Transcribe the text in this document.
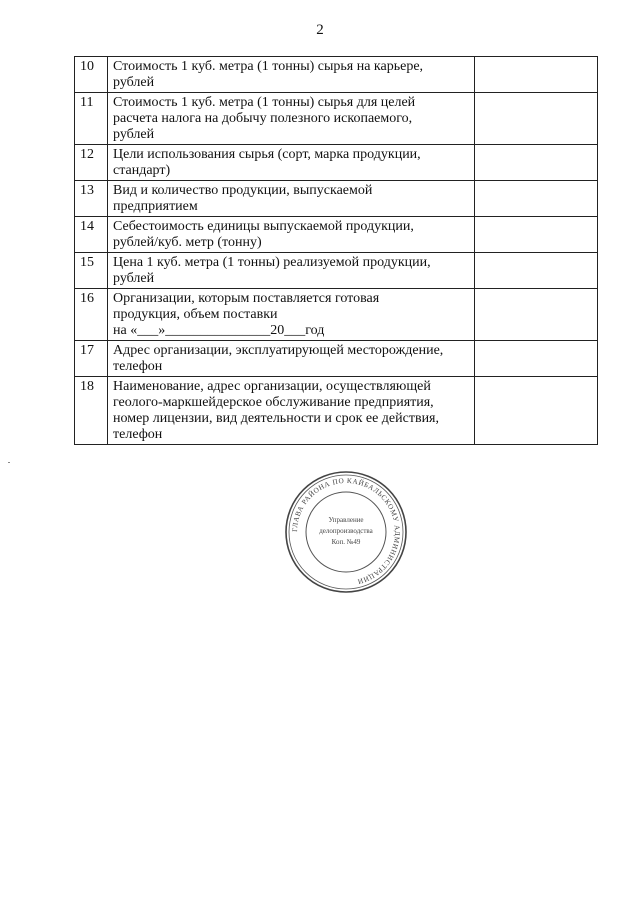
2
10	Стоимость 1 куб. метра (1 тонны) сырья на карьере,
рублей	

11	Стоимость 1 куб. метра (1 тонны) сырья для целей
расчета налога на добычу полезного ископаемого,
рублей	

12	Цели использования сырья (сорт, марка продукции,
стандарт)	

13	Вид и количество продукции, выпускаемой
предприятием	

14	Себестоимость единицы выпускаемой продукции,
рублей/куб. метр (тонну)	

15	Цена 1 куб. метра (1 тонны) реализуемой продукции,
рублей	

16	Организации, которым поставляется готовая
продукция, объем поставки
на «___»_______________20___год	

17	Адрес организации, эксплуатирующей месторождение,
телефон	

18	Наименование, адрес организации, осуществляющей
геолого-маркшейдерское обслуживание предприятия,
номер лицензии, вид деятельности и срок ее действия,
телефон	

ГЛАВА РАЙОНА ПО КАЙБАЛЬСКОМУ АДМИНИСТРАЦИИ
Управление
делопроизводства
Коп. №49
